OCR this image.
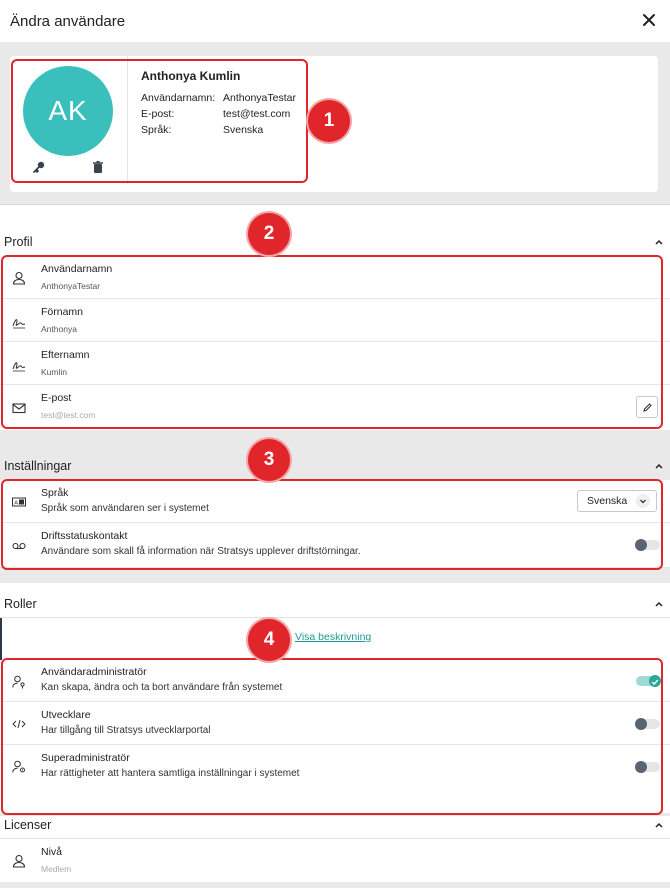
Ändra användare
AK
Anthonya Kumlin
Användarnamn: AnthonyaTestar
E-post:	test@test.com
Språk:	Svenska
Profil
Användarnamn
AnthonyaTestar
Förnamn
Anthonya
Efternamn
Kumlin
E-post
test@test.com
Inställningar
A
Språk
Språk som användaren ser i systemet
Svenska
Driftsstatuskontakt
Användare som skall få information när Stratsys upplever driftstörningar.
Roller
Visa beskrivning
Användaradministratör
Kan skapa, ändra och ta bort användare från systemet
Utvecklare
Har tillgång till Stratsys utvecklarportal
Superadministratör
Har rättigheter att hantera samtliga inställningar i systemet
Licenser
Nivå
Medlem
1
2
3
4
